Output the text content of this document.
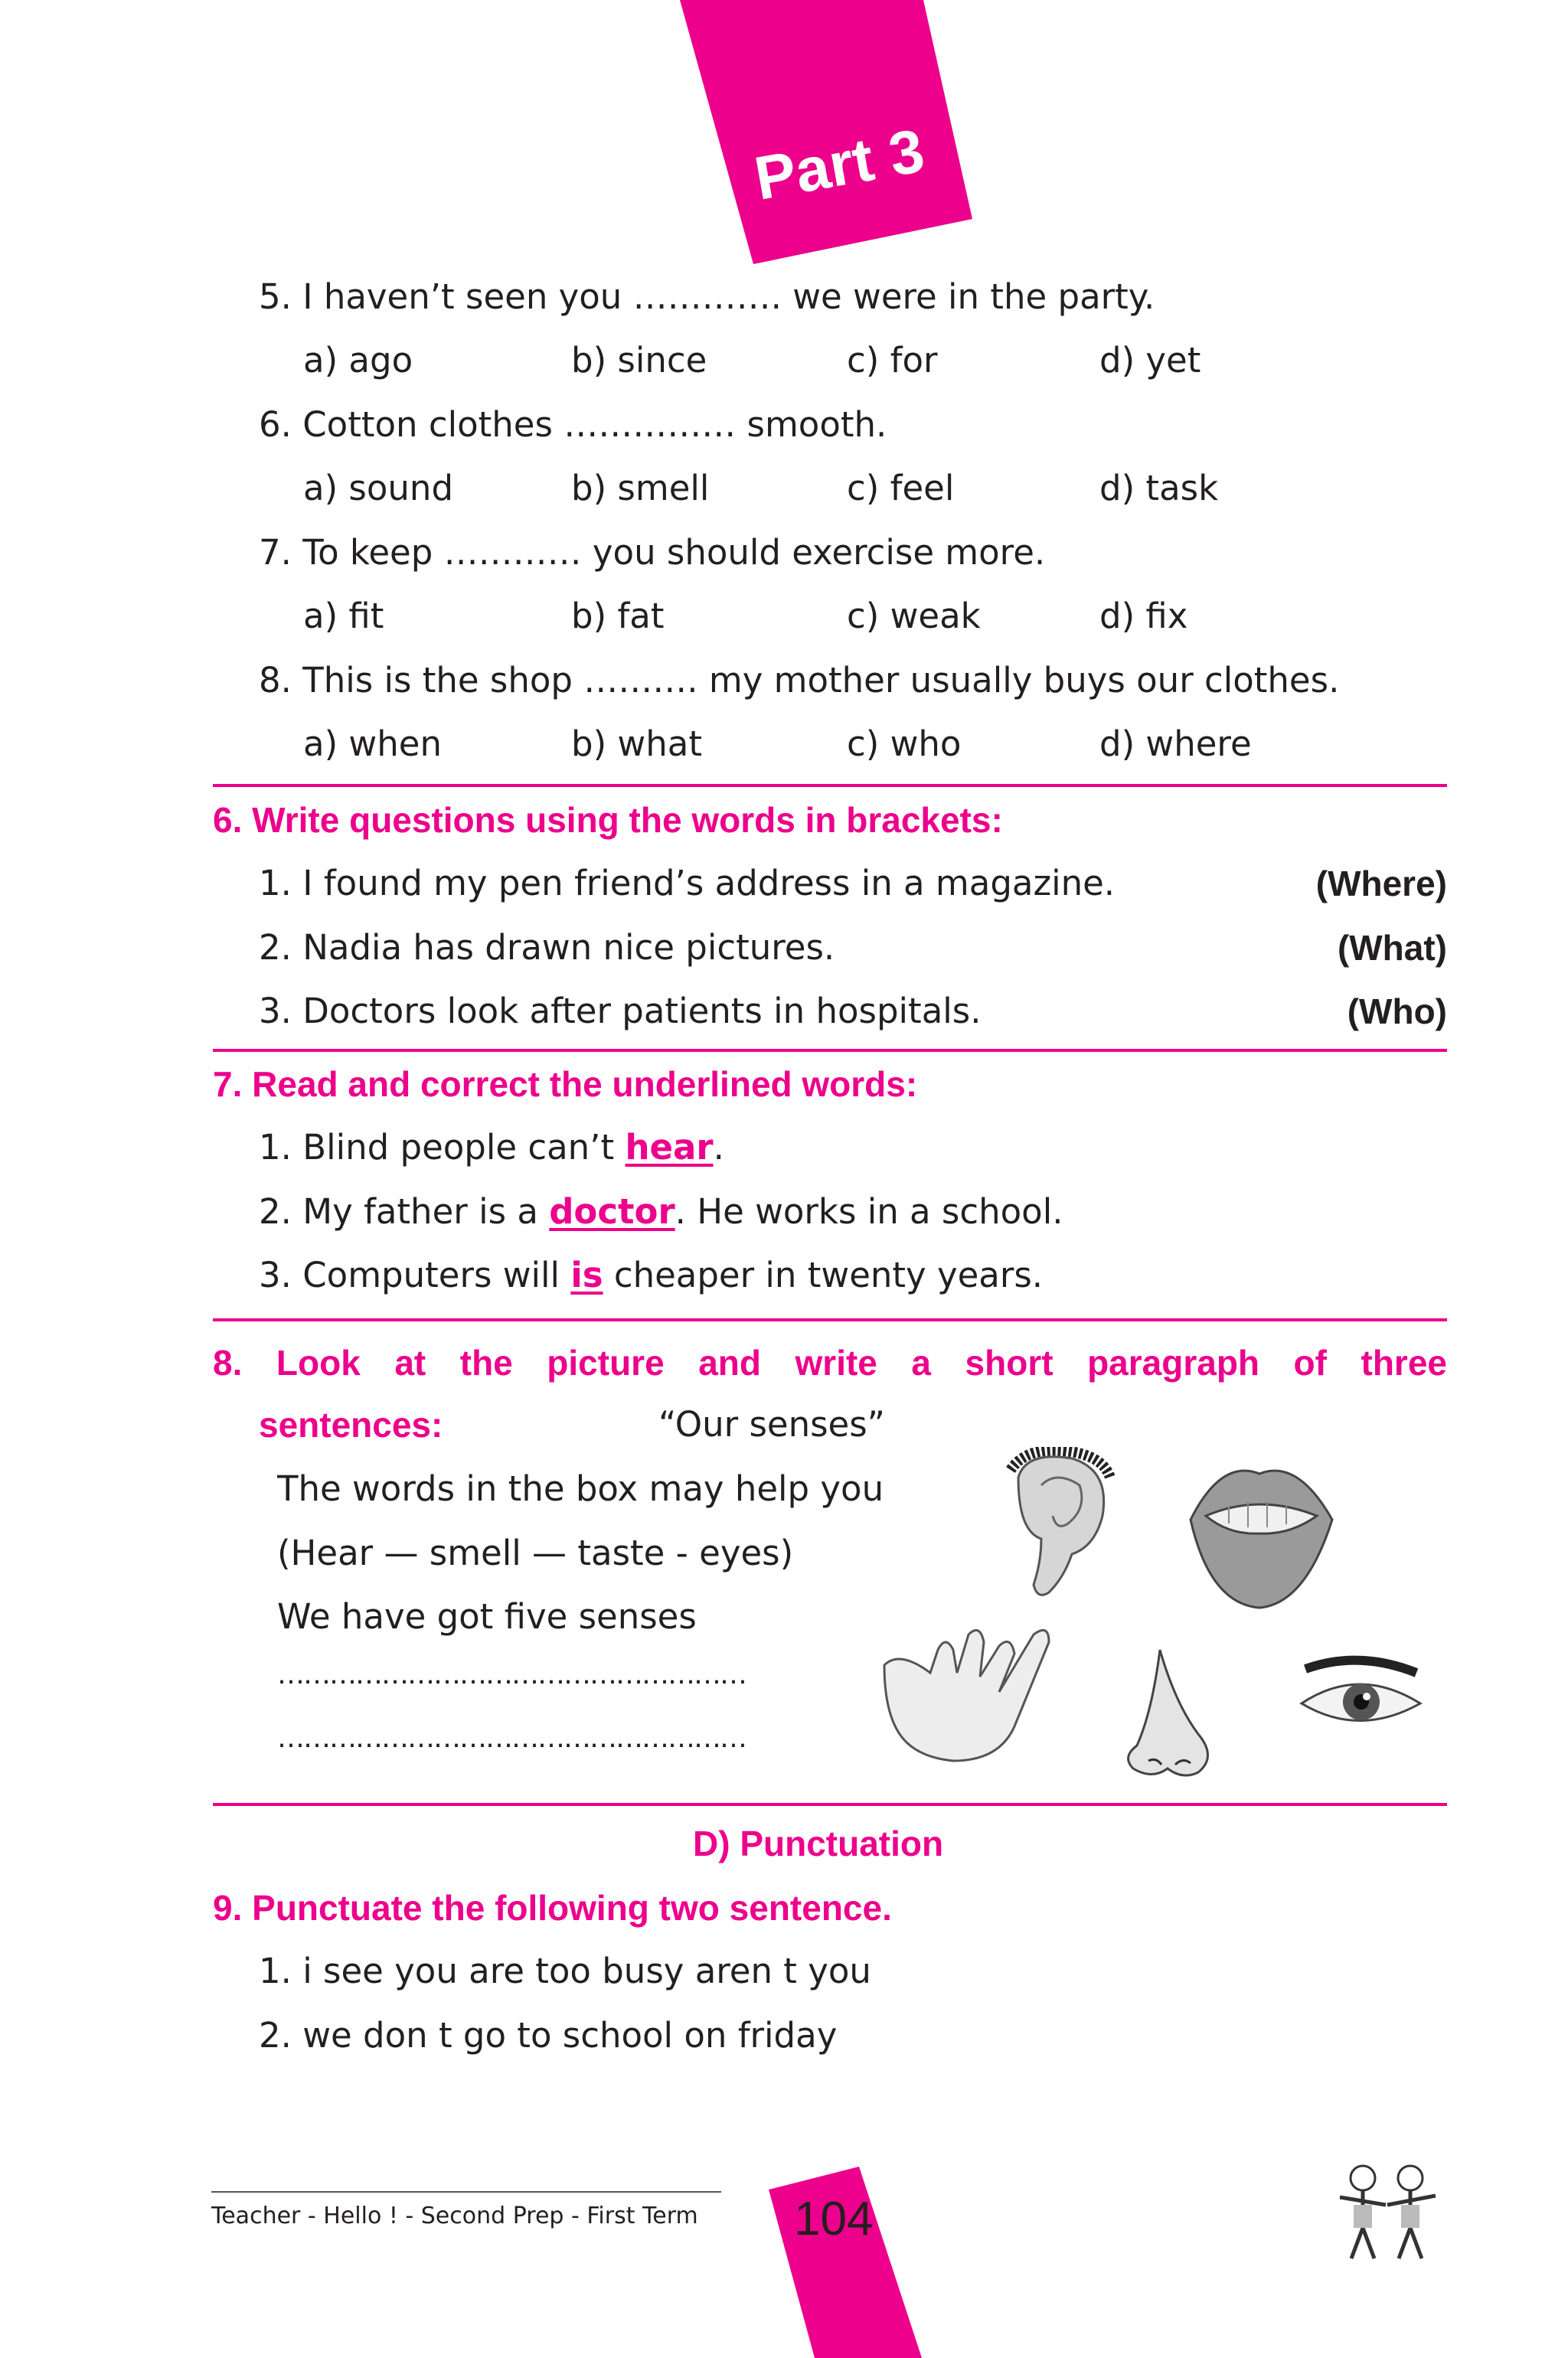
Part 3
5. I haven’t seen you …………. we were in the party.
a) ago	b) since	c) for	d) yet
6. Cotton clothes …………… smooth.
a) sound	b) smell	c) feel	d) task
7. To keep ………… you should exercise more.
a) fit	b) fat	c) weak	d) fix
8. This is the shop ………. my mother usually buys our clothes.
a) when	b) what	c) who	d) where
6. Write questions using the words in brackets:
1. I found my pen friend’s address in a magazine.	(Where)
2. Nadia has drawn nice pictures.	(What)
3. Doctors look after patients in hospitals.	(Who)
7. Read and correct the underlined words:
1. Blind people can’t hear.
2. My father is a doctor. He works in a school.
3. Computers will is cheaper in twenty years.
8. Look at the picture and write a short paragraph of three
sentences:	“Our senses”
The words in the box may help you
(Hear — smell — taste - eyes)
We have got five senses
………………………………………………
………………………………………………
D) Punctuation
9. Punctuate the following two sentence.
1. i see you are too busy aren t you
2. we don t go to school on friday
Teacher - Hello ! - Second Prep - First Term 104
